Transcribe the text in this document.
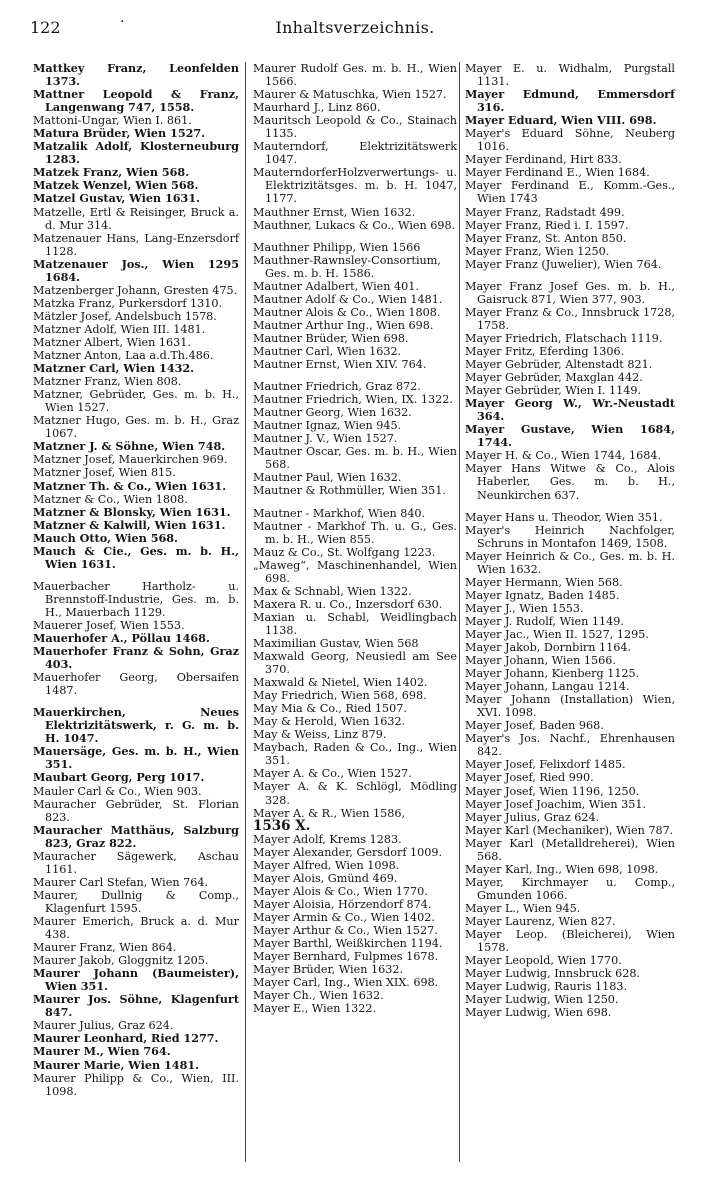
122	·	Inhaltsverzeichnis.
Mattkey Franz, Leonfelden 1373.
Mattner Leopold & Franz, Langenwang 747, 1558.
Mattoni-Ungar, Wien I. 861.
Matura Brüder, Wien 1527.
Matzalik Adolf, Klosterneuburg 1283.
Matzek Franz, Wien 568.
Matzek Wenzel, Wien 568.
Matzel Gustav, Wien 1631.
Matzelle, Ertl & Reisinger, Bruck a. d. Mur 314.
Matzenauer Hans, Lang-Enzersdorf 1128.
Matzenauer Jos., Wien 1295 1684.
Matzenberger Johann, Gresten 475.
Matzka Franz, Purkersdorf 1310.
Mätzler Josef, Andelsbuch 1578.
Matzner Adolf, Wien III. 1481.
Matzner Albert, Wien 1631.
Matzner Anton, Laa a.d.Th.486.
Matzner Carl, Wien 1432.
Matzner Franz, Wien 808.
Matzner, Gebrüder, Ges. m. b. H., Wien 1527.
Matzner Hugo, Ges. m. b. H., Graz 1067.
Matzner J. & Söhne, Wien 748.
Matzner Josef, Mauerkirchen 969.
Matzner Josef, Wien 815.
Matzner Th. & Co., Wien 1631.
Matzner & Co., Wien 1808.
Matzner & Blonsky, Wien 1631.
Matzner & Kalwill, Wien 1631.
Mauch Otto, Wien 568.
Mauch & Cie., Ges. m. b. H., Wien 1631.
Mauerbacher Hartholz- u. Brennstoff-Industrie, Ges. m. b. H., Mauerbach 1129.
Mauerer Josef, Wien 1553.
Mauerhofer A., Pöllau 1468.
Mauerhofer Franz & Sohn, Graz 403.
Mauerhofer Georg, Obersaifen 1487.
Mauerkirchen, Neues Elektrizitätswerk, r. G. m. b. H. 1047.
Mauersäge, Ges. m. b. H., Wien 351.
Maubart Georg, Perg 1017.
Mauler Carl & Co., Wien 903.
Mauracher Gebrüder, St. Florian 823.
Mauracher Matthäus, Salzburg 823, Graz 822.
Mauracher Sägewerk, Aschau 1161.
Maurer Carl Stefan, Wien 764.
Maurer, Dullnig & Comp., Klagenfurt 1595.
Maurer Emerich, Bruck a. d. Mur 438.
Maurer Franz, Wien 864.
Maurer Jakob, Gloggnitz 1205.
Maurer Johann (Baumeister), Wien 351.
Maurer Jos. Söhne, Klagenfurt 847.
Maurer Julius, Graz 624.
Maurer Leonhard, Ried 1277.
Maurer M., Wien 764.
Maurer Marie, Wien 1481.
Maurer Philipp & Co., Wien, III. 1098.
Maurer Rudolf Ges. m. b. H., Wien 1566.
Maurer & Matuschka, Wien 1527.
Maurhard J., Linz 860.
Mauritsch Leopold & Co., Stainach 1135.
Mauterndorf, Elektrizitätswerk 1047.
MauterndorferHolzverwertungs- u. Elektrizitätsges. m. b. H. 1047, 1177.
Mauthner Ernst, Wien 1632.
Mauthner, Lukacs & Co., Wien 698.
Mauthner Philipp, Wien 1566
Mauthner-Rawnsley-Consortium, Ges. m. b. H. 1586.
Mautner Adalbert, Wien 401.
Mautner Adolf & Co., Wien 1481.
Mautner Alois & Co., Wien 1808.
Mautner Arthur Ing., Wien 698.
Mautner Brüder, Wien 698.
Mautner Carl, Wien 1632.
Mautner Ernst, Wien XIV. 764.
Mautner Friedrich, Graz 872.
Mautner Friedrich, Wien, IX. 1322.
Mautner Georg, Wien 1632.
Mautner Ignaz, Wien 945.
Mautner J. V., Wien 1527.
Mautner Oscar, Ges. m. b. H., Wien 568.
Mautner Paul, Wien 1632.
Mautner & Rothmüller, Wien 351.
Mautner - Markhof, Wien 840.
Mautner - Markhof Th. u. G., Ges. m. b. H., Wien 855.
Mauz & Co., St. Wolfgang 1223.
„Maweg“, Maschinenhandel, Wien 698.
Max & Schnabl, Wien 1322.
Maxera R. u. Co., Inzersdorf 630.
Maxian u. Schabl, Weidlingbach 1138.
Maximilian Gustav, Wien 568
Maxwald Georg, Neusiedl am See 370.
Maxwald & Nietel, Wien 1402.
May Friedrich, Wien 568, 698.
May Mia & Co., Ried 1507.
May & Herold, Wien 1632.
May & Weiss, Linz 879.
Maybach, Raden & Co., Ing., Wien 351.
Mayer A. & Co., Wien 1527.
Mayer A. & K. Schlögl, Mödling 328.
Mayer A. & R., Wien 1586,
1536 X.
Mayer Adolf, Krems 1283.
Mayer Alexander, Gersdorf 1009.
Mayer Alfred, Wien 1098.
Mayer Alois, Gmünd 469.
Mayer Alois & Co., Wien 1770.
Mayer Aloisia, Hörzendorf 874.
Mayer Armin & Co., Wien 1402.
Mayer Arthur & Co., Wien 1527.
Mayer Barthl, Weißkirchen 1194.
Mayer Bernhard, Fulpmes 1678.
Mayer Brüder, Wien 1632.
Mayer Carl, Ing., Wien XIX. 698.
Mayer Ch., Wien 1632.
Mayer E., Wien 1322.
Mayer E. u. Widhalm, Purgstall 1131.
Mayer Edmund, Emmersdorf 316.
Mayer Eduard, Wien VIII. 698.
Mayer's Eduard Söhne, Neuberg 1016.
Mayer Ferdinand, Hirt 833.
Mayer Ferdinand E., Wien 1684.
Mayer Ferdinand E., Komm.-Ges., Wien 1743
Mayer Franz, Radstadt 499.
Mayer Franz, Ried i. I. 1597.
Mayer Franz, St. Anton 850.
Mayer Franz, Wien 1250.
Mayer Franz (Juwelier), Wien 764.
Mayer Franz Josef Ges. m. b. H., Gaisruck 871, Wien 377, 903.
Mayer Franz & Co., Innsbruck 1728, 1758.
Mayer Friedrich, Flatschach 1119.
Mayer Fritz, Eferding 1306.
Mayer Gebrüder, Altenstadt 821.
Mayer Gebrüder, Maxglan 442.
Mayer Gebrüder, Wien I. 1149.
Mayer Georg W., Wr.-Neustadt 364.
Mayer Gustave, Wien 1684, 1744.
Mayer H. & Co., Wien 1744, 1684.
Mayer Hans Witwe & Co., Alois Haberler, Ges. m. b. H., Neunkirchen 637.
Mayer Hans u. Theodor, Wien 351.
Mayer's Heinrich Nachfolger, Schruns in Montafon 1469, 1508.
Mayer Heinrich & Co., Ges. m. b. H. Wien 1632.
Mayer Hermann, Wien 568.
Mayer Ignatz, Baden 1485.
Mayer J., Wien 1553.
Mayer J. Rudolf, Wien 1149.
Mayer Jac., Wien II. 1527, 1295.
Mayer Jakob, Dornbirn 1164.
Mayer Johann, Wien 1566.
Mayer Johann, Kienberg 1125.
Mayer Johann, Langau 1214.
Mayer Johann (Installation) Wien, XVI. 1098.
Mayer Josef, Baden 968.
Mayer's Jos. Nachf., Ehrenhausen 842.
Mayer Josef, Felixdorf 1485.
Mayer Josef, Ried 990.
Mayer Josef, Wien 1196, 1250.
Mayer Josef Joachim, Wien 351.
Mayer Julius, Graz 624.
Mayer Karl (Mechaniker), Wien 787.
Mayer Karl (Metalldreherei), Wien 568.
Mayer Karl, Ing., Wien 698, 1098.
Mayer, Kirchmayer u. Comp., Gmunden 1066.
Mayer L., Wien 945.
Mayer Laurenz, Wien 827.
Mayer Leop. (Bleicherei), Wien 1578.
Mayer Leopold, Wien 1770.
Mayer Ludwig, Innsbruck 628.
Mayer Ludwig, Rauris 1183.
Mayer Ludwig, Wien 1250.
Mayer Ludwig, Wien 698.
